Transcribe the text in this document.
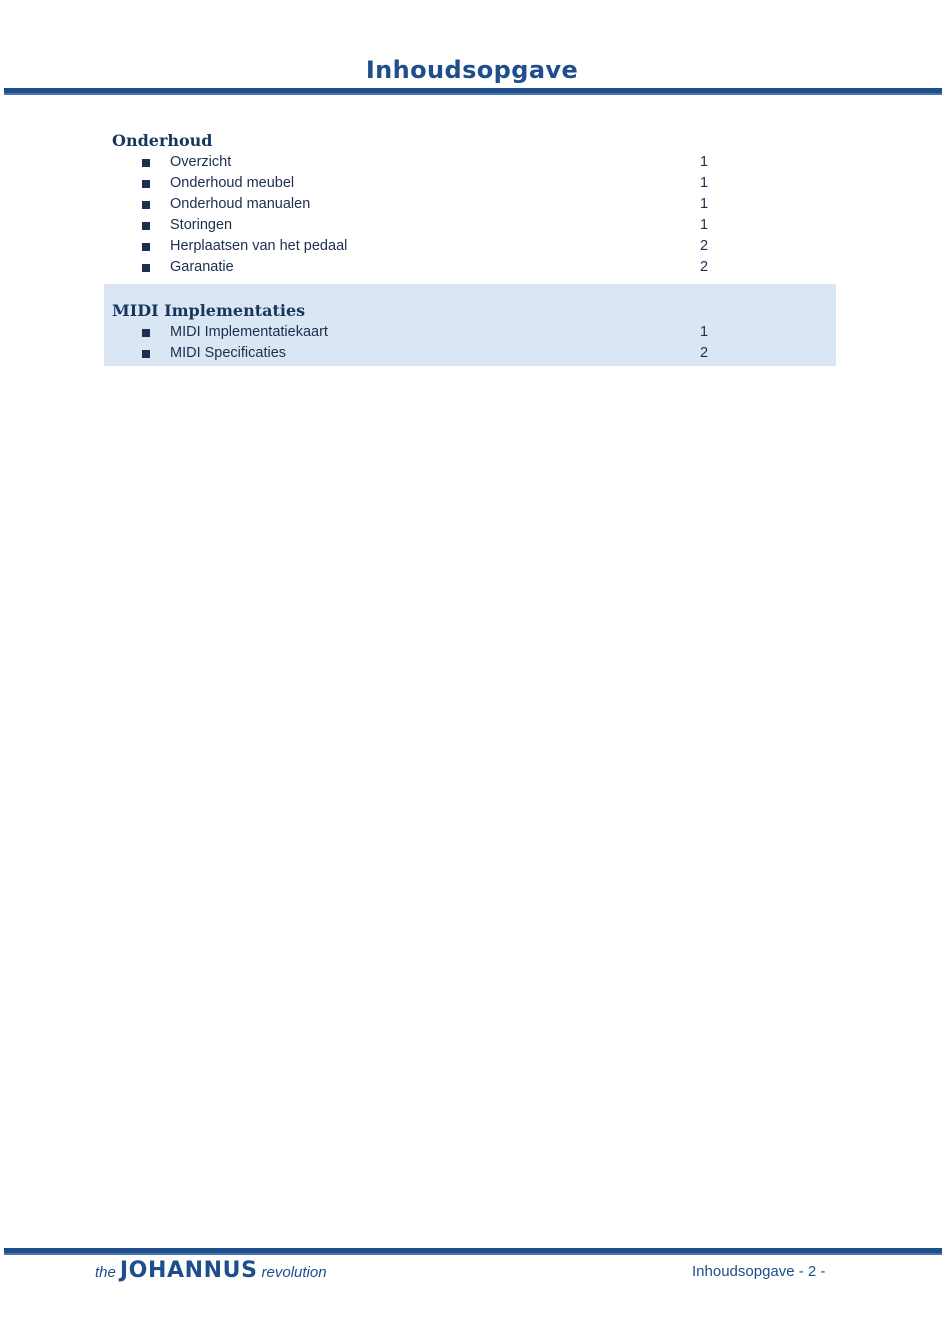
Inhoudsopgave
Onderhoud
Overzicht	1
Onderhoud meubel	1
Onderhoud manualen	1
Storingen	1
Herplaatsen van het pedaal	2
Garanatie	2
MIDI Implementaties
MIDI Implementatiekaart	1
MIDI Specificaties	2
the JOHANNUS revolution	Inhoudsopgave - 2 -
